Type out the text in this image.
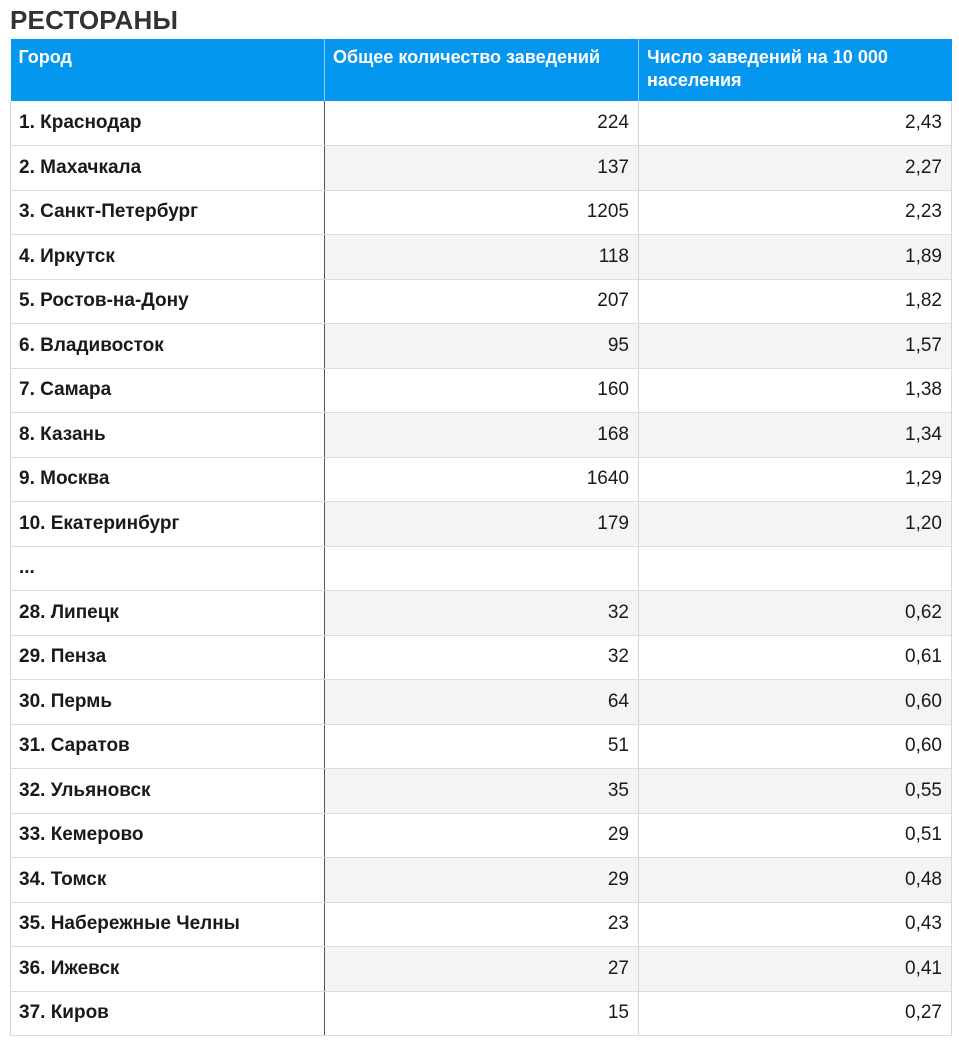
РЕСТОРАНЫ
Город	Общее количество заведений	Число заведений на 10 000 населения
1. Краснодар	224	2,43
2. Махачкала	137	2,27
3. Санкт-Петербург	1205	2,23
4. Иркутск	118	1,89
5. Ростов-на-Дону	207	1,82
6. Владивосток	95	1,57
7. Самара	160	1,38
8. Казань	168	1,34
9. Москва	1640	1,29
10. Екатеринбург	179	1,20
...		
28. Липецк	32	0,62
29. Пенза	32	0,61
30. Пермь	64	0,60
31. Саратов	51	0,60
32. Ульяновск	35	0,55
33. Кемерово	29	0,51
34. Томск	29	0,48
35. Набережные Челны	23	0,43
36. Ижевск	27	0,41
37. Киров	15	0,27
